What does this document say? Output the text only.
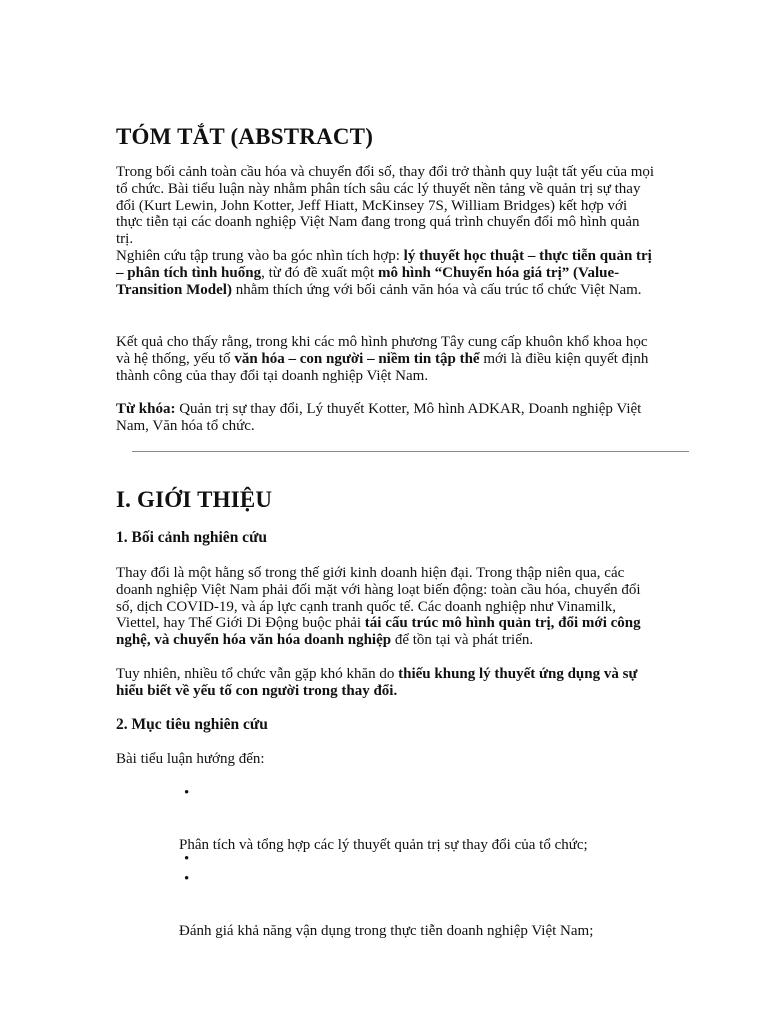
TÓM TẮT (ABSTRACT)

Trong bối cảnh toàn cầu hóa và chuyển đổi số, thay đổi trở thành quy luật tất yếu của mọi tổ chức. Bài tiểu luận này nhằm phân tích sâu các lý thuyết nền tảng về quản trị sự thay đổi (Kurt Lewin, John Kotter, Jeff Hiatt, McKinsey 7S, William Bridges) kết hợp với thực tiễn tại các doanh nghiệp Việt Nam đang trong quá trình chuyển đổi mô hình quản trị.

Nghiên cứu tập trung vào ba góc nhìn tích hợp: lý thuyết học thuật – thực tiễn quản trị – phân tích tình huống, từ đó đề xuất một mô hình “Chuyển hóa giá trị” (Value-Transition Model) nhằm thích ứng với bối cảnh văn hóa và cấu trúc tổ chức Việt Nam.

Kết quả cho thấy rằng, trong khi các mô hình phương Tây cung cấp khuôn khổ khoa học và hệ thống, yếu tố văn hóa – con người – niềm tin tập thể mới là điều kiện quyết định thành công của thay đổi tại doanh nghiệp Việt Nam.

Từ khóa: Quản trị sự thay đổi, Lý thuyết Kotter, Mô hình ADKAR, Doanh nghiệp Việt Nam, Văn hóa tổ chức.

I. GIỚI THIỆU
1. Bối cảnh nghiên cứu

Thay đổi là một hằng số trong thế giới kinh doanh hiện đại. Trong thập niên qua, các doanh nghiệp Việt Nam phải đối mặt với hàng loạt biến động: toàn cầu hóa, chuyển đổi số, dịch COVID-19, và áp lực cạnh tranh quốc tế. Các doanh nghiệp như Vinamilk, Viettel, hay Thế Giới Di Động buộc phải tái cấu trúc mô hình quản trị, đổi mới công nghệ, và chuyển hóa văn hóa doanh nghiệp để tồn tại và phát triển.

Tuy nhiên, nhiều tổ chức vẫn gặp khó khăn do thiếu khung lý thuyết ứng dụng và sự hiểu biết về yếu tố con người trong thay đổi.

2. Mục tiêu nghiên cứu

Bài tiểu luận hướng đến:

•

Phân tích và tổng hợp các lý thuyết quản trị sự thay đổi của tổ chức;

•
•

Đánh giá khả năng vận dụng trong thực tiễn doanh nghiệp Việt Nam;
